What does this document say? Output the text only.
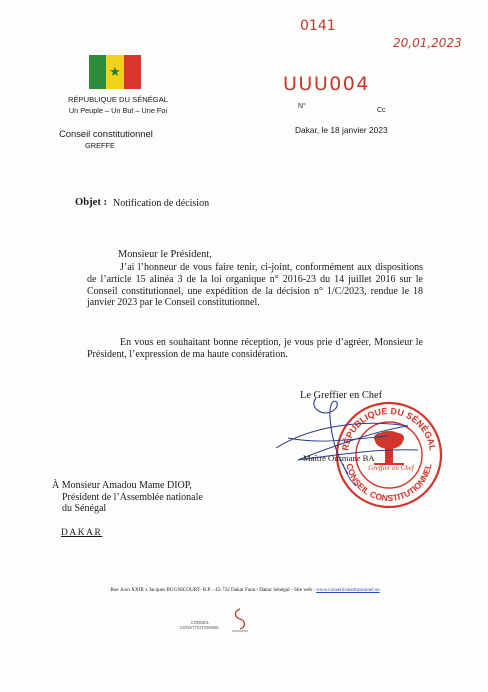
0141
20,01,2023
★
RÉPUBLIQUE DU SÉNÉGAL
Un Peuple – Un But – Une Foi
Conseil constitutionnel
GREFFE
UUU004
N°
Cc
Dakar, le 18 janvier 2023
Objet : Notification de décision
Monsieur le Président,
J’ai l’honneur de vous faire tenir, ci-joint, conformément aux dispositions de l’article 15 alinéa 3 de la loi organique n° 2016-23 du 14 juillet 2016 sur le Conseil constitutionnel, une expédition de la décision n° 1/C/2023, rendue le 18 janvier 2023 par le Conseil constitutionnel.
En vous en souhaitant bonne réception, je vous prie d’agréer, Monsieur le Président, l’expression de ma haute considération.
Le Greffier en Chef
RÉPUBLIQUE DU SÉNÉGAL
CONSEIL CONSTITUTIONNEL
Greffier en Chef
Maître Ousmane BA
À Monsieur Amadou Mame DIOP,
Président de l’Assemblée nationale
du Sénégal
DAKAR
Rue Joon XXIII x Jacques BUGNICOURT- B.P. : 45-732 Dakar Fann– Dakar Sénégal - Site web : www.conseilconstitutionnel.sn
CONSEIL
CONSTITUTIONNEL
